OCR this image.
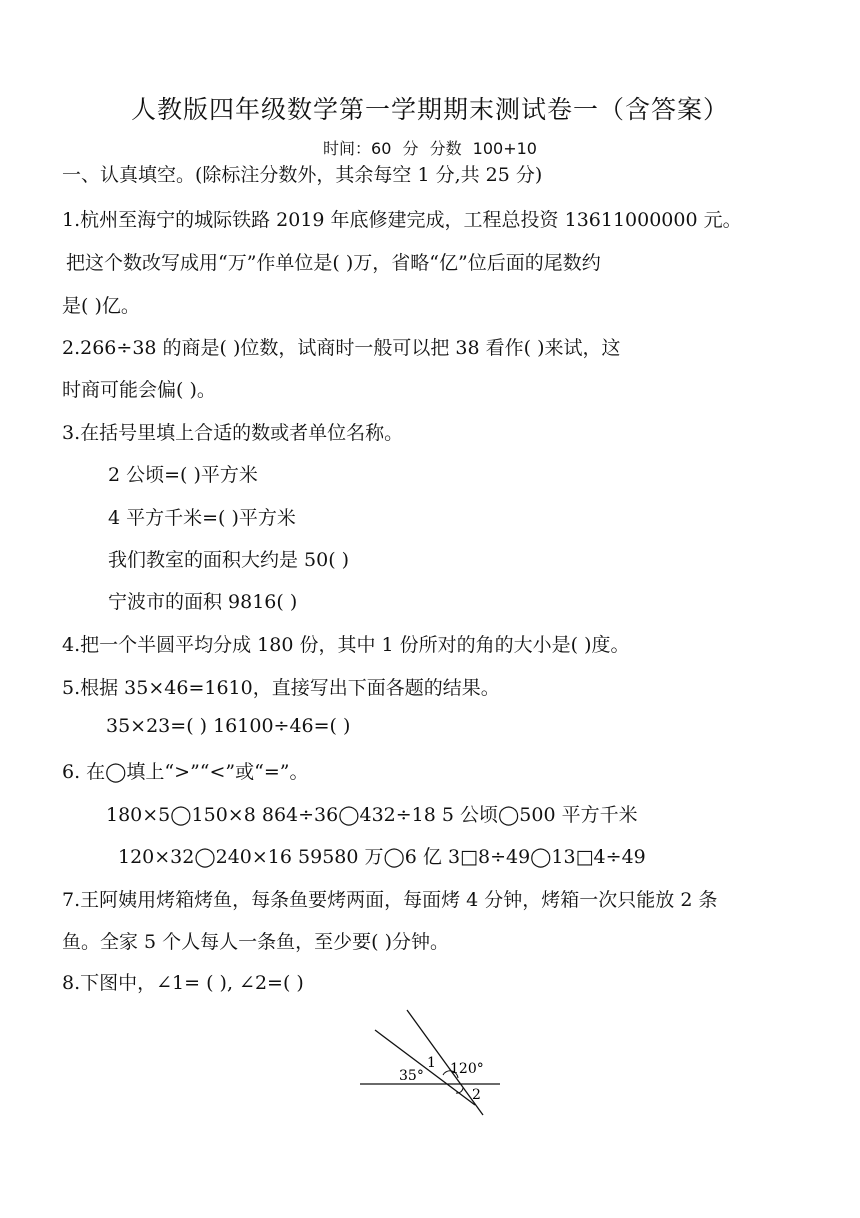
人教版四年级数学第一学期期末测试卷一（含答案）
时间：60 分 分数 100+10
一、认真填空。(除标注分数外，其余每空 1 分,共 25 分)
1.杭州至海宁的城际铁路 2019 年底修建完成，工程总投资 13611000000 元。
把这个数改写成用“万”作单位是( )万，省略“亿”位后面的尾数约
是( )亿。
2.266÷38 的商是( )位数，试商时一般可以把 38 看作( )来试，这
时商可能会偏( )。
3.在括号里填上合适的数或者单位名称。
2 公顷=( )平方米
4 平方千米=( )平方米
我们教室的面积大约是 50( )
宁波市的面积 9816( )
4.把一个半圆平均分成 180 份，其中 1 份所对的角的大小是( )度。
5.根据 35×46=1610，直接写出下面各题的结果。
35×23=( ) 16100÷46=( )
6. 在◯填上“>”“<”或“=”。
180×5◯150×8 864÷36◯432÷18 5 公顷◯500 平方千米
120×32◯240×16 59580 万◯6 亿 3□8÷49◯13□4÷49
7.王阿姨用烤箱烤鱼，每条鱼要烤两面，每面烤 4 分钟，烤箱一次只能放 2 条
鱼。全家 5 个人每人一条鱼，至少要( )分钟。
8.下图中，∠1= ( ), ∠2=( )
35° 120°
1
2
